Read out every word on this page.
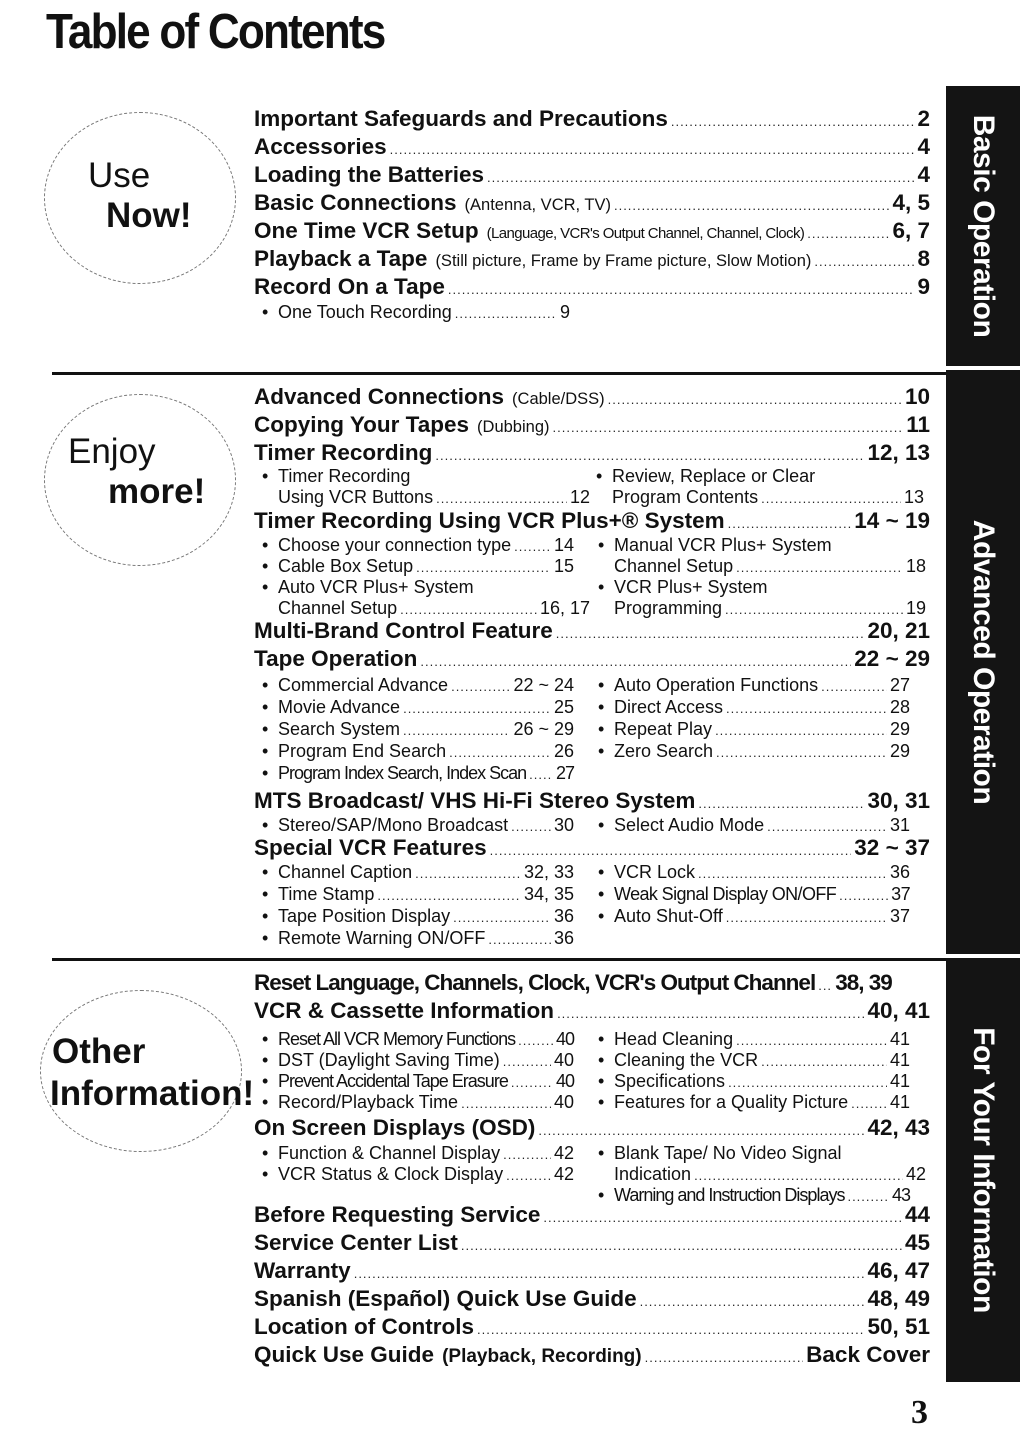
Table of Contents
Basic Operation
Advanced Operation
For Your Information
Use
Now!
Enjoy
more!
Other
Information!
Important Safeguards and Precautions .....	2
Accessories .....	4
Loading the Batteries .....	4
Basic Connections (Antenna, VCR, TV) .....	4, 5
One Time VCR Setup (Language, VCR's Output Channel, Channel, Clock) .....	6, 7
Playback a Tape (Still picture, Frame by Frame picture, Slow Motion) .....	8
Record On a Tape .....	9
• One Touch Recording .....	9
Advanced Connections (Cable/DSS) .....	10
Copying Your Tapes (Dubbing) .....	11
Timer Recording .....	12, 13
• Timer Recording
Using VCR Buttons .....	12
• Review, Replace or Clear
Program Contents .....	13
Timer Recording Using VCR Plus+® System .....	14 ~ 19
• Choose your connection type ..... 14
• Cable Box Setup .....	15
• Auto VCR Plus+ System
Channel Setup .....	16, 17
• Manual VCR Plus+ System
Channel Setup .....	18
• VCR Plus+ System
Programming .....	19
Multi-Brand Control Feature .....	20, 21
Tape Operation .....	22 ~ 29
• Commercial Advance .....	22 ~ 24
• Movie Advance .....	25
• Search System .....	26 ~ 29
• Program End Search .....	26
• Program Index Search, Index Scan ..... 27
• Auto Operation Functions .....	27
• Direct Access .....	28
• Repeat Play .....	29
• Zero Search .....	29
MTS Broadcast/ VHS Hi-Fi Stereo System .....	30, 31
• Stereo/SAP/Mono Broadcast .....	30 • Select Audio Mode .....	31
Special VCR Features .....	32 ~ 37
• Channel Caption .....	32, 33
• Time Stamp .....	34, 35
• Tape Position Display .....	36
• Remote Warning ON/OFF .....	36
• VCR Lock .....	36
• Weak Signal Display ON/OFF .....	37
• Auto Shut-Off .....	37
Reset Language, Channels, Clock, VCR's Output Channel ..... 38, 39
VCR & Cassette Information .....	40, 41
• Reset All VCR Memory Functions ..... 40
• DST (Daylight Saving Time) .....	40
• Prevent Accidental Tape Erasure .....	40
• Record/Playback Time .....	40
• Head Cleaning .....	41
• Cleaning the VCR .....	41
• Specifications .....	41
• Features for a Quality Picture ..... 41
On Screen Displays (OSD) .....	42, 43
• Function & Channel Display .....	42
• VCR Status & Clock Display .....	42
• Blank Tape/ No Video Signal
Indication .....	42
• Warning and Instruction Displays .....	43
Before Requesting Service .....	44
Service Center List .....	45
Warranty .....	46, 47
Spanish (Español) Quick Use Guide .....	48, 49
Location of Controls .....	50, 51
Quick Use Guide (Playback, Recording) .....	Back Cover
3
